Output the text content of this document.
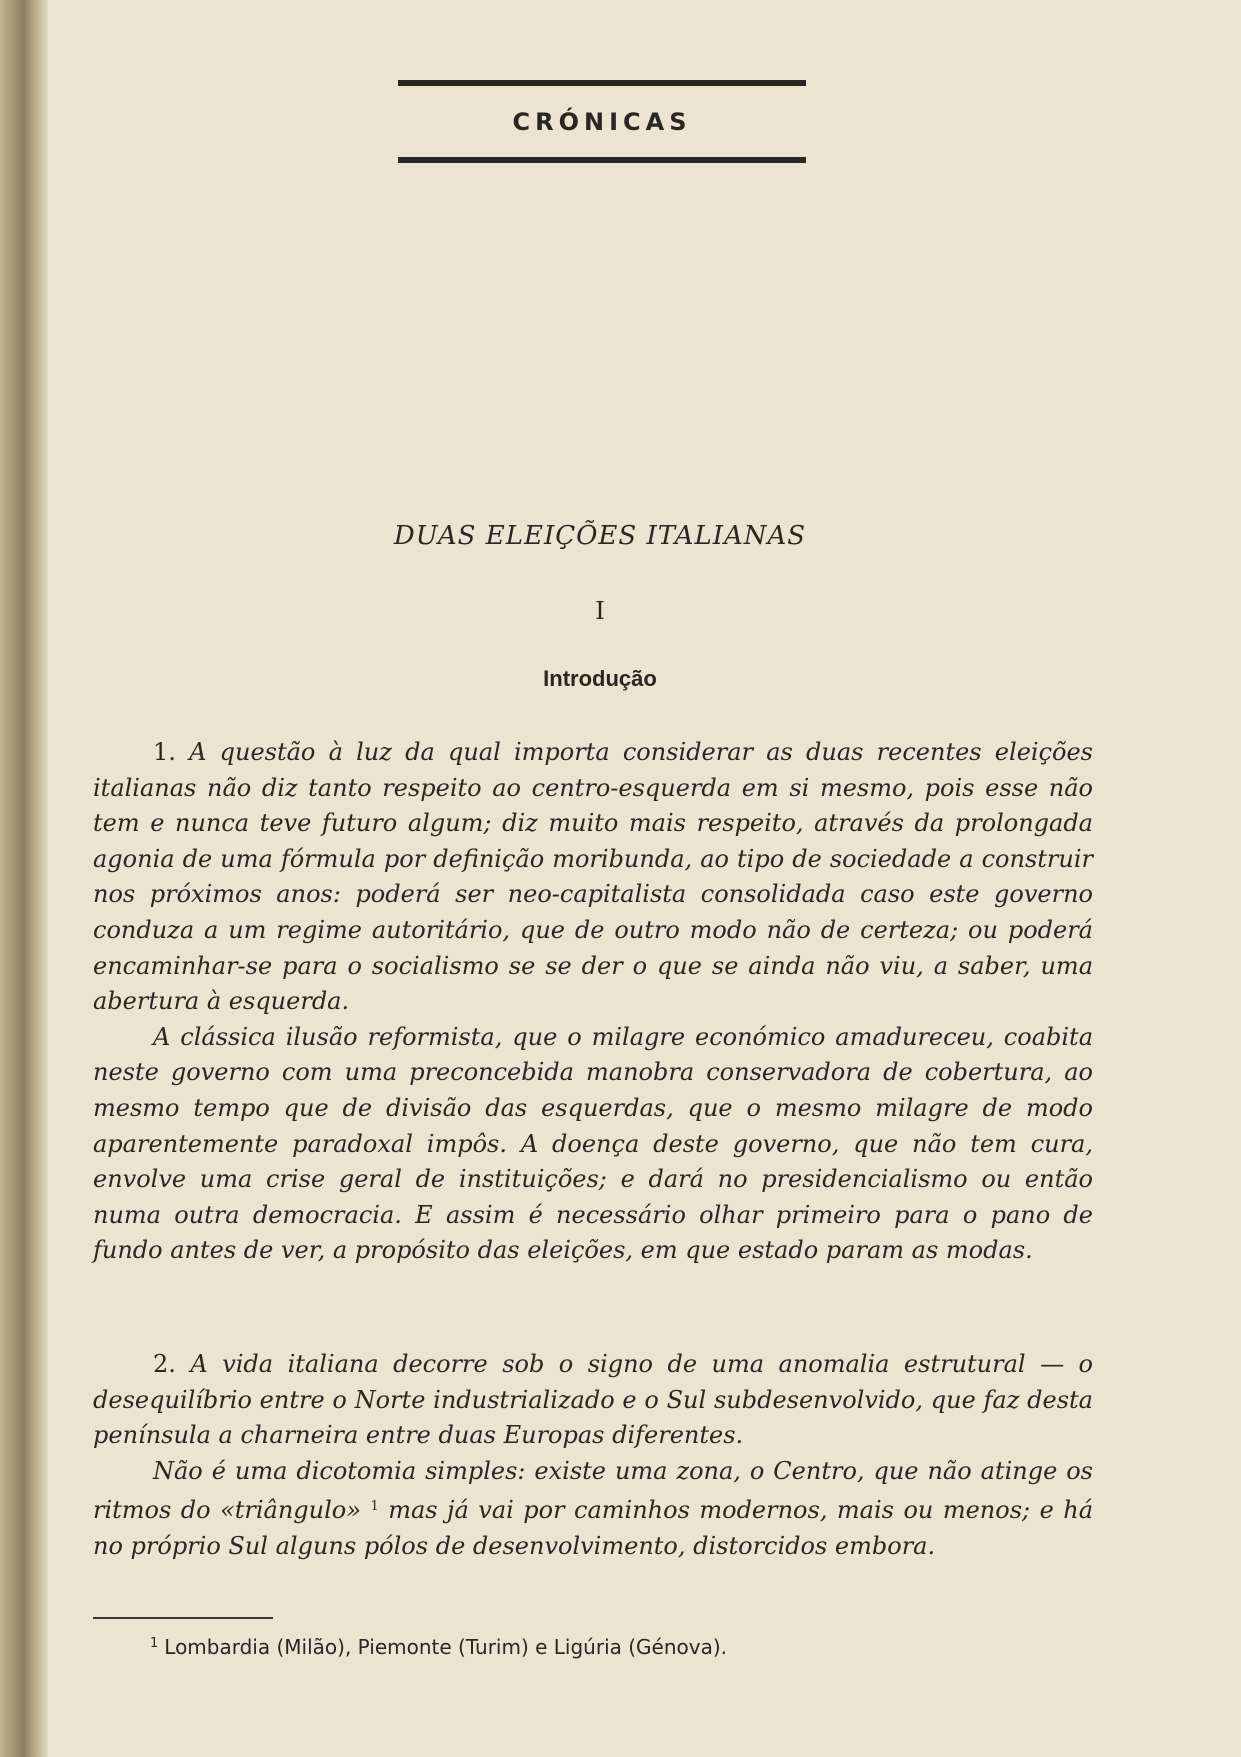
CRÓNICAS
DUAS ELEIÇÕES ITALIANAS
I
Introdução

1. A questão à luz da qual importa considerar as duas recentes eleições italianas não diz tanto respeito ao centro-esquerda em si mesmo, pois esse não tem e nunca teve futuro algum; diz muito mais respeito, através da prolongada agonia de uma fórmula por definição moribunda, ao tipo de sociedade a construir nos próximos anos: poderá ser neo-capitalista consolidada caso este governo conduza a um regime autoritário, que de outro modo não de certeza; ou poderá encaminhar-se para o socialismo se se der o que se ainda não viu, a saber, uma abertura à esquerda.

A clássica ilusão reformista, que o milagre económico amadureceu, coabita neste governo com uma preconcebida manobra conservadora de cobertura, ao mesmo tempo que de divisão das esquerdas, que o mesmo milagre de modo aparentemente paradoxal impôs. A doença deste governo, que não tem cura, envolve uma crise geral de instituições; e dará no presidencialismo ou então numa outra democracia. E assim é necessário olhar primeiro para o pano de fundo antes de ver, a propósito das eleições, em que estado param as modas.

2. A vida italiana decorre sob o signo de uma anomalia estrutural — o desequilíbrio entre o Norte industrializado e o Sul subdesenvolvido, que faz desta península a charneira entre duas Europas diferentes.

Não é uma dicotomia simples: existe uma zona, o Centro, que não atinge os ritmos do «triângulo» $^1$ mas já vai por caminhos modernos, mais ou menos; e há no próprio Sul alguns pólos de desenvolvimento, distorcidos embora.

$^1$ Lombardia (Milão), Piemonte (Turim) e Ligúria (Génova).
